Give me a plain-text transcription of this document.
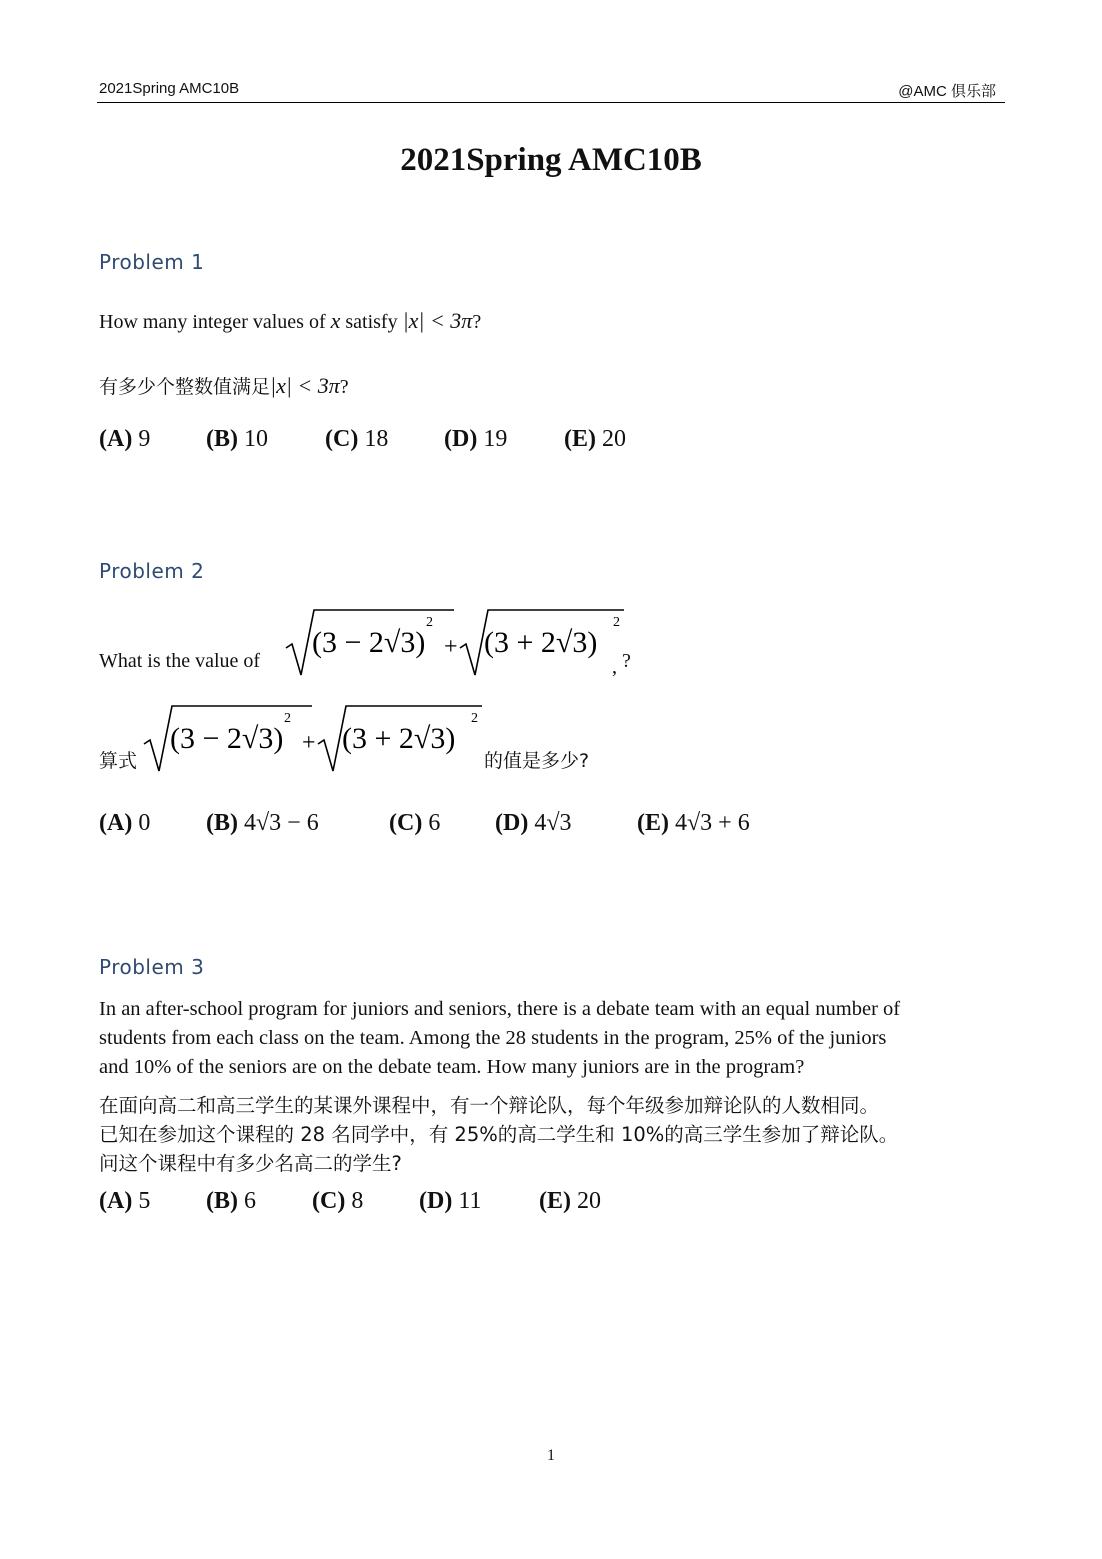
2021Spring AMC10B	@AMC 俱乐部
2021Spring AMC10B
Problem 1
How many integer values of x satisfy |x| < 3π?
有多少个整数值满足|x| < 3π?
(A) 9 (B) 10 (C) 18 (D) 19 (E) 20
Problem 2
What is the value of
(3 − 2√3)
2
+ (3 + 2√3)
2
, ?
算式
(3 − 2√3)
2
+ (3 + 2√3)
2
的值是多少?
(A) 0 (B) 4√3 − 6	(C) 6 (D) 4√3	(E) 4√3 + 6
Problem 3
In an after-school program for juniors and seniors, there is a debate team with an equal number of
students from each class on the team. Among the 28 students in the program, 25% of the juniors
and 10% of the seniors are on the debate team. How many juniors are in the program?
在面向高二和高三学生的某课外课程中，有一个辩论队，每个年级参加辩论队的人数相同。
已知在参加这个课程的 28 名同学中，有 25%的高二学生和 10%的高三学生参加了辩论队。
问这个课程中有多少名高二的学生?
(A) 5 (B) 6 (C) 8 (D) 11 (E) 20
1
